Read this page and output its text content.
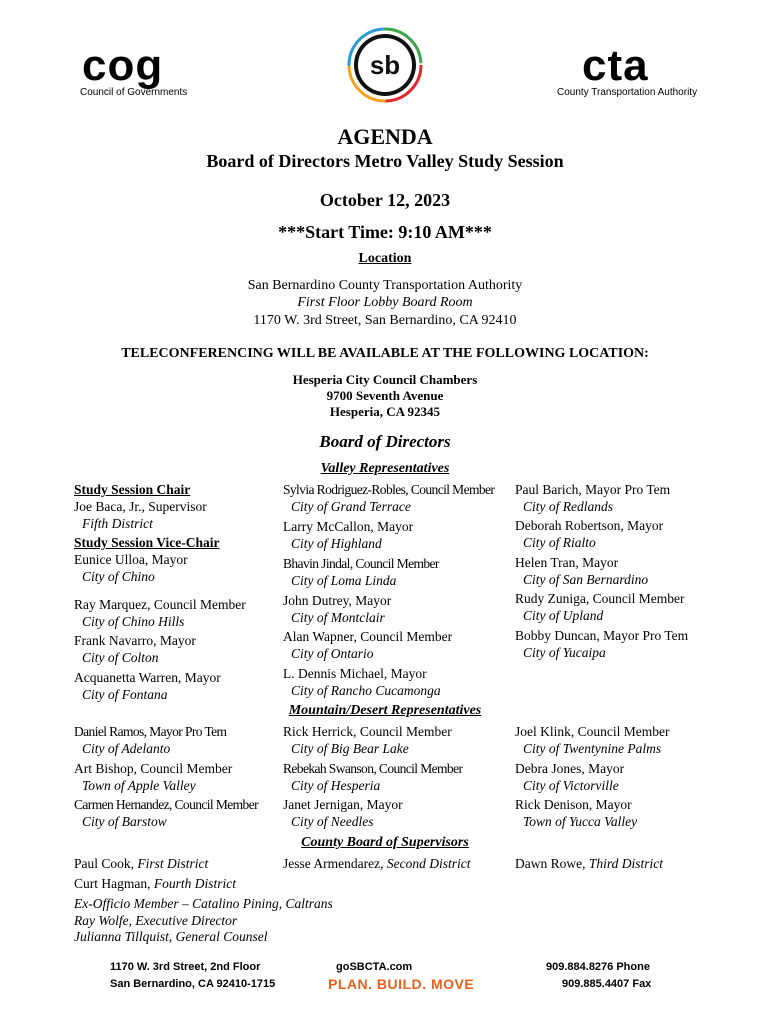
cog
Council of Governments
sb	cta
County Transportation Authority
AGENDA
Board of Directors Metro Valley Study Session
October 12, 2023
***Start Time: 9:10 AM***
Location
San Bernardino County Transportation Authority
First Floor Lobby Board Room
1170 W. 3rd Street, San Bernardino, CA 92410
TELECONFERENCING WILL BE AVAILABLE AT THE FOLLOWING LOCATION:
Hesperia City Council Chambers
9700 Seventh Avenue
Hesperia, CA 92345
Board of Directors
Valley Representatives
Study Session Chair
Joe Baca, Jr., Supervisor
Fifth District
Study Session Vice-Chair
Eunice Ulloa, Mayor
City of Chino
Ray Marquez, Council Member
City of Chino Hills
Frank Navarro, Mayor
City of Colton
Acquanetta Warren, Mayor
City of Fontana
Sylvia Rodriguez-Robles, Council Member
City of Grand Terrace
Larry McCallon, Mayor
City of Highland
Bhavin Jindal, Council Member
City of Loma Linda
John Dutrey, Mayor
City of Montclair
Alan Wapner, Council Member
City of Ontario
L. Dennis Michael, Mayor
City of Rancho Cucamonga
Paul Barich, Mayor Pro Tem
City of Redlands
Deborah Robertson, Mayor
City of Rialto
Helen Tran, Mayor
City of San Bernardino
Rudy Zuniga, Council Member
City of Upland
Bobby Duncan, Mayor Pro Tem
City of Yucaipa
Mountain/Desert Representatives
Daniel Ramos, Mayor Pro Tem
City of Adelanto
Art Bishop, Council Member
Town of Apple Valley
Carmen Hernandez, Council Member
City of Barstow
Rick Herrick, Council Member
City of Big Bear Lake
Rebekah Swanson, Council Member
City of Hesperia
Janet Jernigan, Mayor
City of Needles
Joel Klink, Council Member
City of Twentynine Palms
Debra Jones, Mayor
City of Victorville
Rick Denison, Mayor
Town of Yucca Valley
County Board of Supervisors
Paul Cook, First District	Jesse Armendarez, Second District	Dawn Rowe, Third District
Curt Hagman, Fourth District
Ex-Officio Member – Catalino Pining, Caltrans
Ray Wolfe, Executive Director
Julianna Tillquist, General Counsel
1170 W. 3rd Street, 2nd Floor
San Bernardino, CA 92410-1715
goSBCTA.com
PLAN. BUILD. MOVE
909.884.8276 Phone
909.885.4407 Fax
